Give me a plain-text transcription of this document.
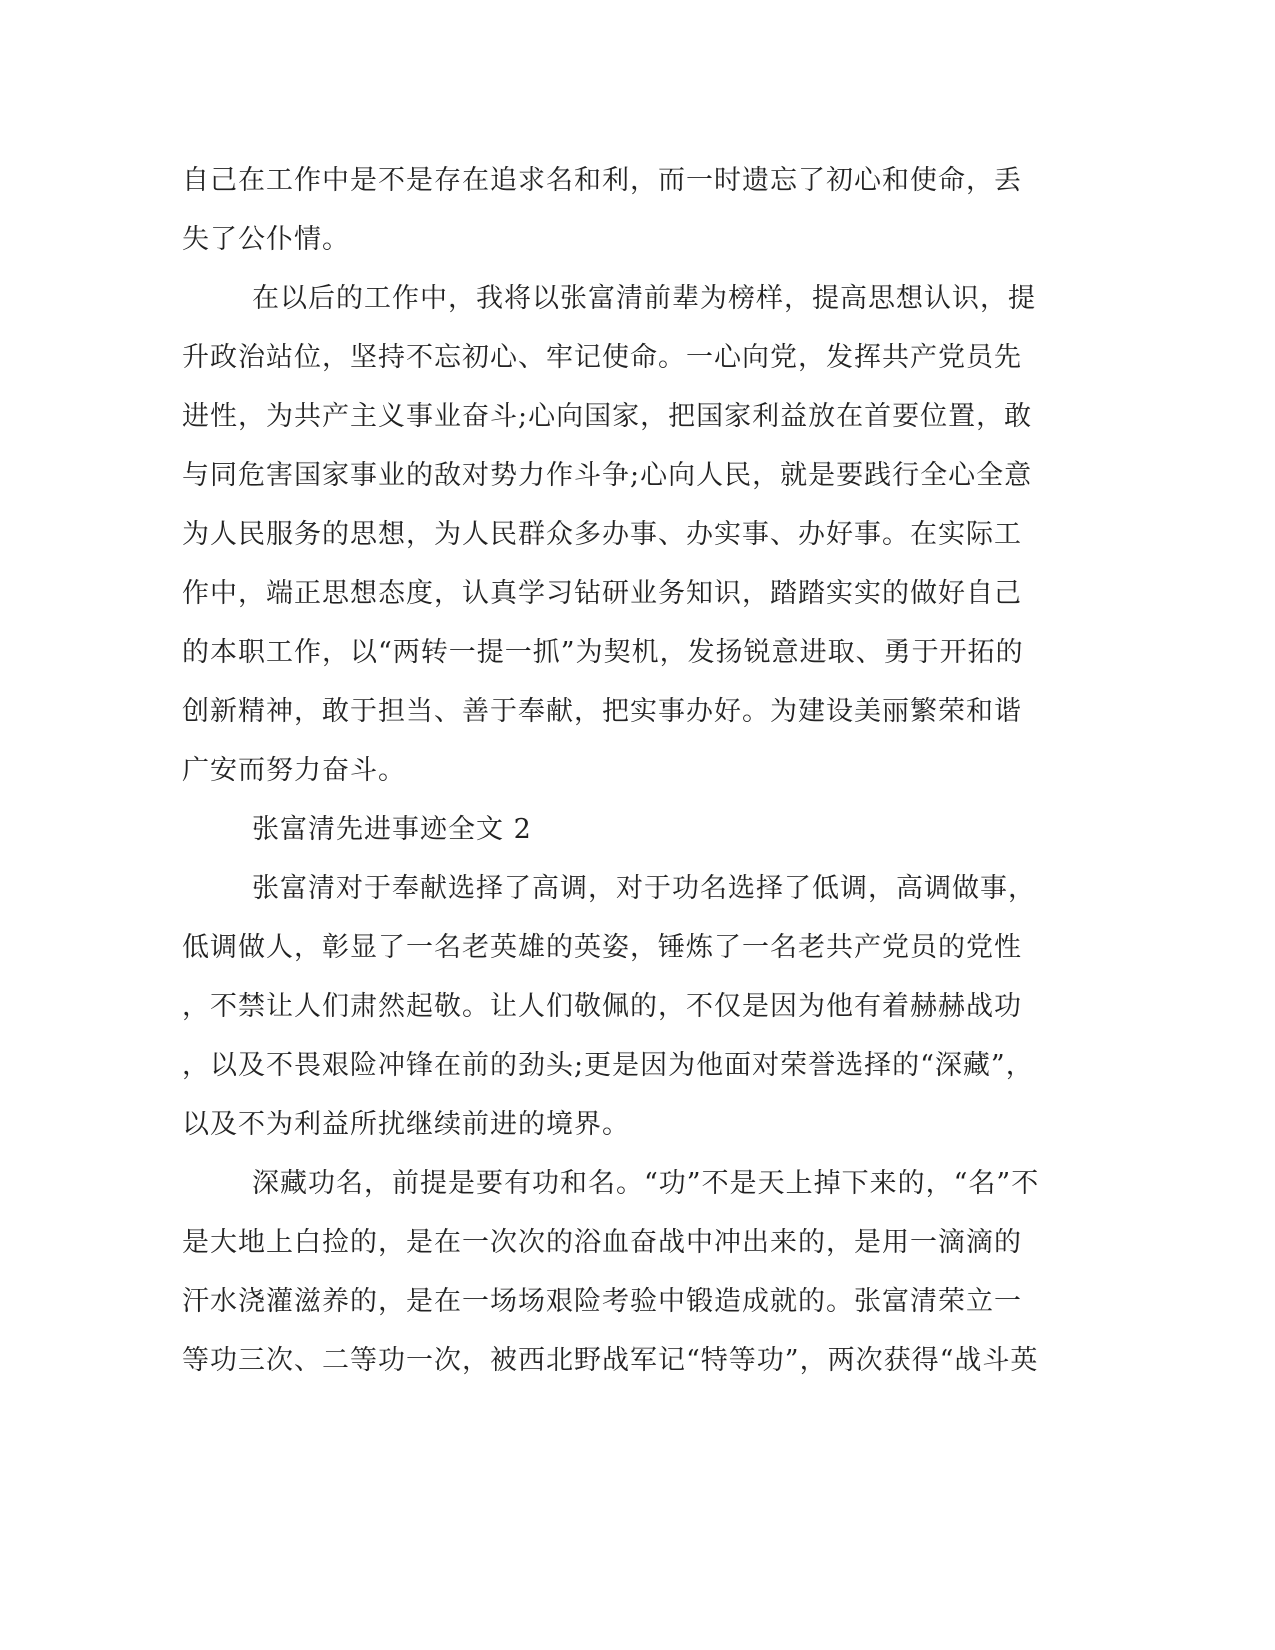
自己在工作中是不是存在追求名和利，而一时遗忘了初心和使命，丢
失了公仆情。
在以后的工作中，我将以张富清前辈为榜样，提高思想认识，提
升政治站位，坚持不忘初心、牢记使命。一心向党，发挥共产党员先
进性，为共产主义事业奋斗;心向国家，把国家利益放在首要位置，敢
与同危害国家事业的敌对势力作斗争;心向人民，就是要践行全心全意
为人民服务的思想，为人民群众多办事、办实事、办好事。在实际工
作中，端正思想态度，认真学习钻研业务知识，踏踏实实的做好自己
的本职工作，以“两转一提一抓”为契机，发扬锐意进取、勇于开拓的
创新精神，敢于担当、善于奉献，把实事办好。为建设美丽繁荣和谐
广安而努力奋斗。
张富清先进事迹全文 2
张富清对于奉献选择了高调，对于功名选择了低调，高调做事，
低调做人，彰显了一名老英雄的英姿，锤炼了一名老共产党员的党性
，不禁让人们肃然起敬。让人们敬佩的，不仅是因为他有着赫赫战功
，以及不畏艰险冲锋在前的劲头;更是因为他面对荣誉选择的“深藏”，
以及不为利益所扰继续前进的境界。
深藏功名，前提是要有功和名。“功”不是天上掉下来的，“名”不
是大地上白捡的，是在一次次的浴血奋战中冲出来的，是用一滴滴的
汗水浇灌滋养的，是在一场场艰险考验中锻造成就的。张富清荣立一
等功三次、二等功一次，被西北野战军记“特等功”，两次获得“战斗英
